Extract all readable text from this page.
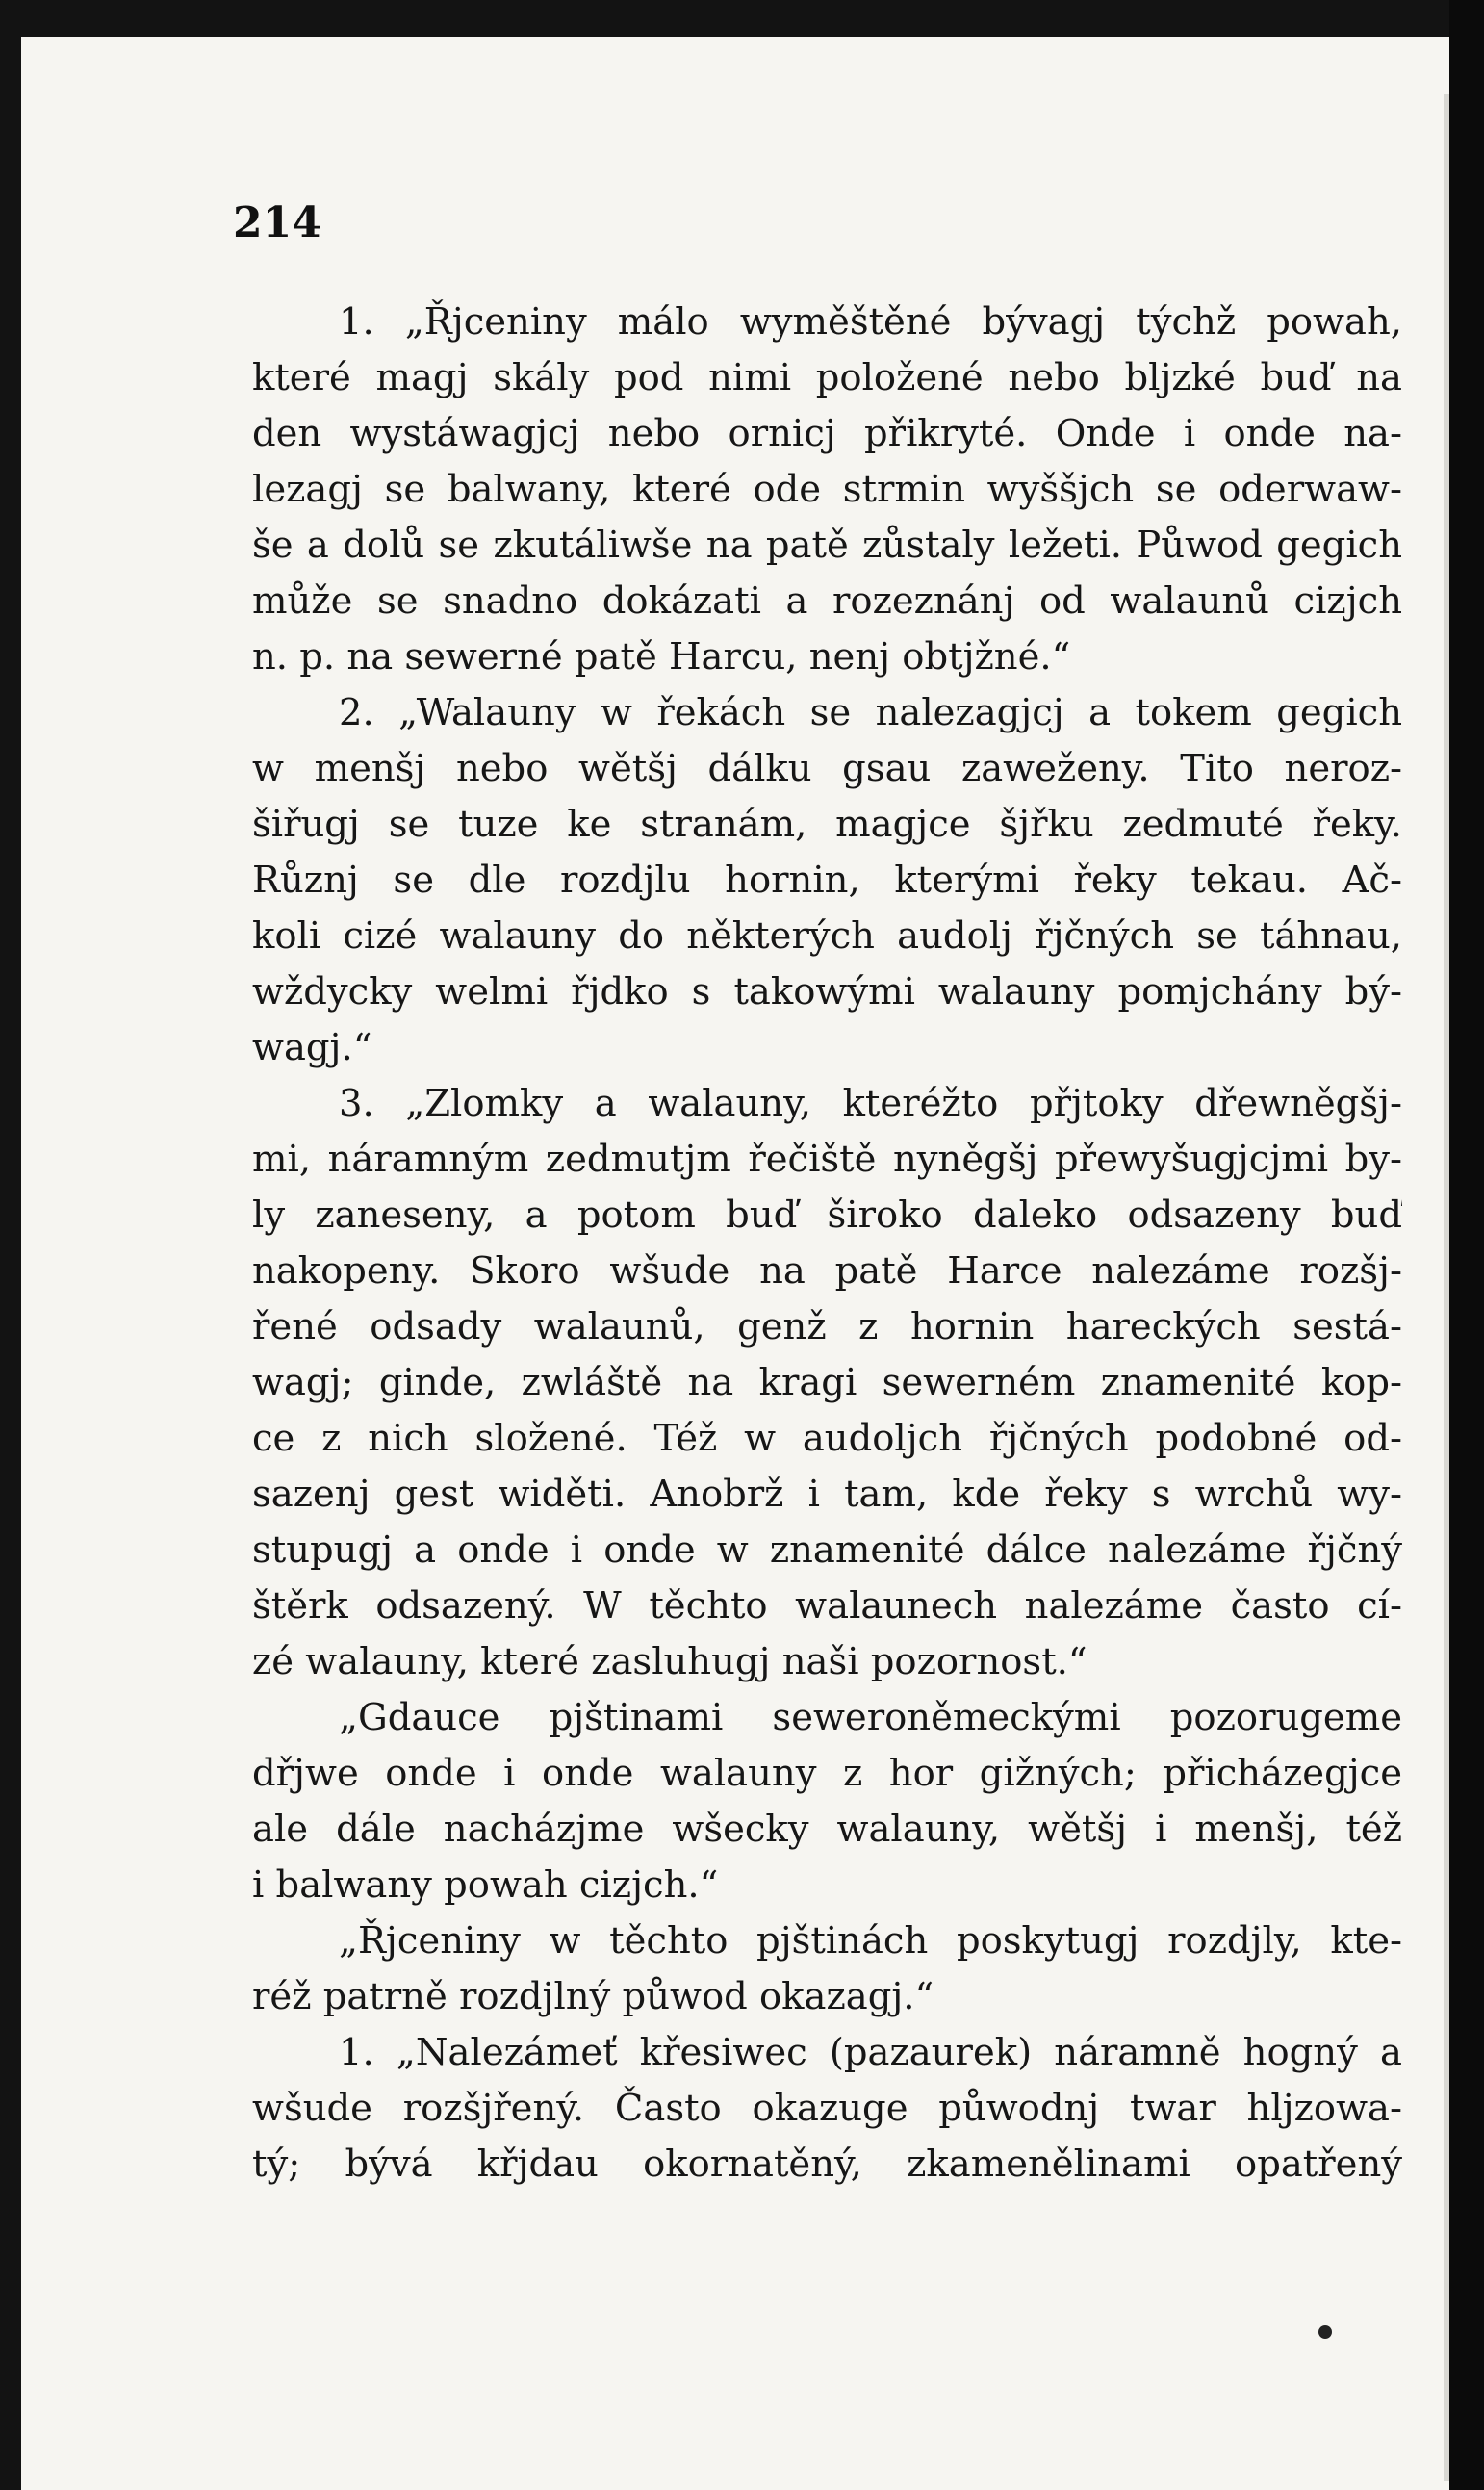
214

1. „Řjceniny málo wyměštěné bývagj týchž powah,
které magj skály pod nimi položené nebo bljzké buď na
den wystáwagjcj nebo ornicj přikryté. Onde i onde na-
lezagj se balwany, které ode strmin wyššjch se oderwaw-
še a dolů se zkutáliwše na patě zůstaly ležeti. Půwod gegich
může se snadno dokázati a rozeznánj od walaunů cizjch
n. p. na sewerné patě Harcu, nenj obtjžné.“
2. „Walauny w řekách se nalezagjcj a tokem gegich
w menšj nebo wětšj dálku gsau zaweženy. Tito neroz-
šiřugj se tuze ke stranám, magjce šjřku zedmuté řeky.
Různj se dle rozdjlu hornin, kterými řeky tekau. Ač-
koli cizé walauny do některých audolj řjčných se táhnau,
wždycky welmi řjdko s takowými walauny pomjchány bý-
wagj.“
3. „Zlomky a walauny, kteréžto přjtoky dřewněgšj-
mi, náramným zedmutjm řečiště nyněgšj přewyšugjcjmi by-
ly zaneseny, a potom buď široko daleko odsazeny buď
nakopeny. Skoro wšude na patě Harce nalezáme rozšj-
řené odsady walaunů, genž z hornin hareckých sestá-
wagj; ginde, zwláště na kragi sewerném znamenité kop-
ce z nich složené. Též w audoljch řjčných podobné od-
sazenj gest widěti. Anobrž i tam, kde řeky s wrchů wy-
stupugj a onde i onde w znamenité dálce nalezáme řjčný
štěrk odsazený. W těchto walaunech nalezáme často cí-
zé walauny, které zasluhugj naši pozornost.“
„Gdauce pjštinami seweroněmeckými pozorugeme
dřjwe onde i onde walauny z hor gižných; přicházegjce
ale dále nacházjme wšecky walauny, wětšj i menšj, též
i balwany powah cizjch.“
„Řjceniny w těchto pjštinách poskytugj rozdjly, kte-
réž patrně rozdjlný půwod okazagj.“
1. „Nalezámeť křesiwec (pazaurek) náramně hogný a
wšude rozšjřený. Často okazuge půwodnj twar hljzowa-
tý; bývá křjdau okornatěný, zkamenělinami opatřený
